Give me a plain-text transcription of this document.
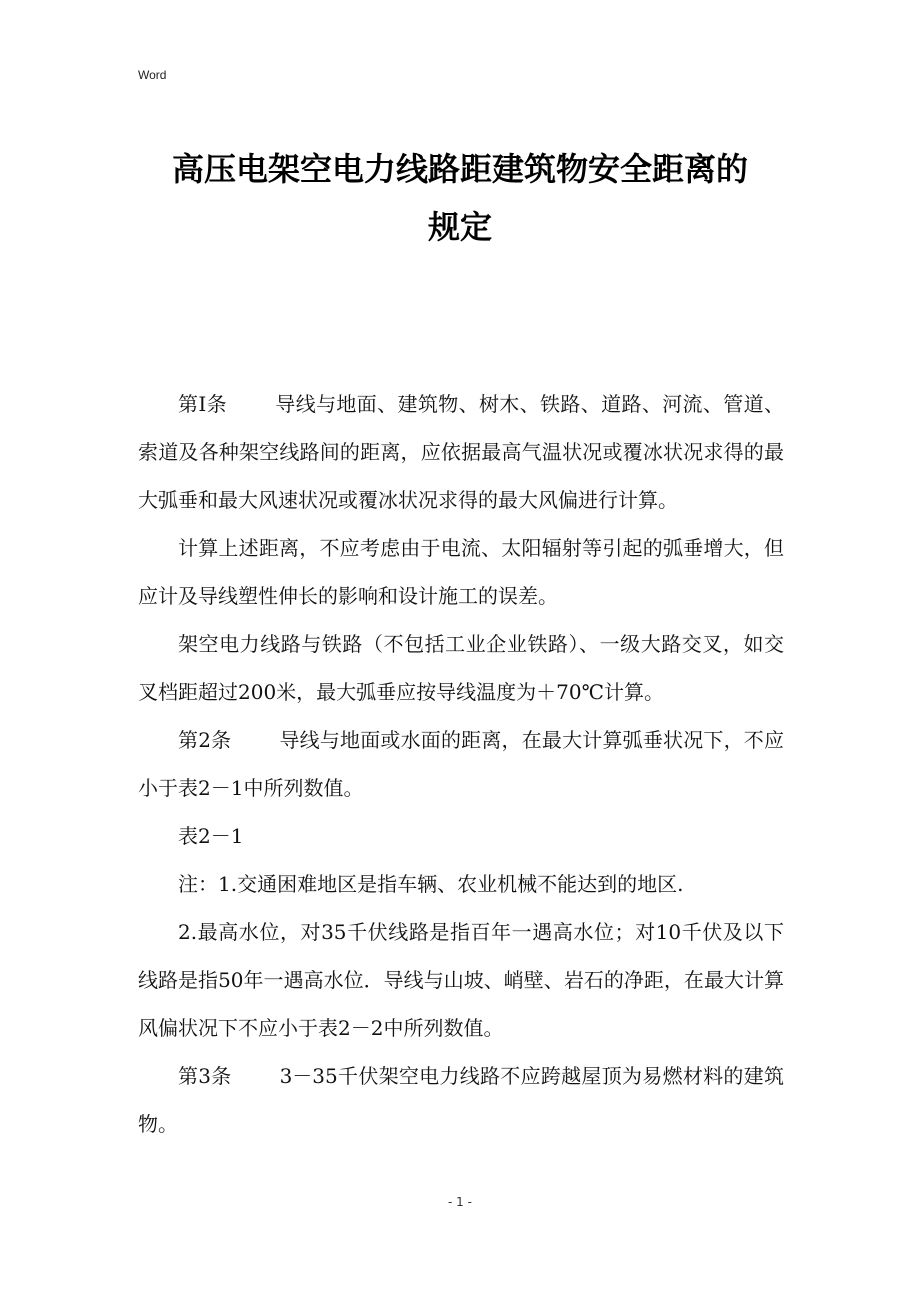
Word
高压电架空电力线路距建筑物安全距离的
规定

第Ⅰ条 导线与地面、建筑物、树木、铁路、道路、河流、管道、索道及各种架空线路间的距离，应依据最高气温状况或覆冰状况求得的最大弧垂和最大风速状况或覆冰状况求得的最大风偏进行计算。

计算上述距离，不应考虑由于电流、太阳辐射等引起的弧垂增大，但应计及导线塑性伸长的影响和设计施工的误差。

架空电力线路与铁路（不包括工业企业铁路）、一级大路交叉，如交叉档距超过200米，最大弧垂应按导线温度为＋70℃计算。

第2条 导线与地面或水面的距离，在最大计算弧垂状况下，不应小于表2－1中所列数值。

表2－1

注：1.交通困难地区是指车辆、农业机械不能达到的地区.

2.最高水位，对35千伏线路是指百年一遇高水位；对10千伏及以下线路是指50年一遇高水位．导线与山坡、峭壁、岩石的净距，在最大计算风偏状况下不应小于表2－2中所列数值。

第3条 3－35千伏架空电力线路不应跨越屋顶为易燃材料的建筑物。

- 1 -
